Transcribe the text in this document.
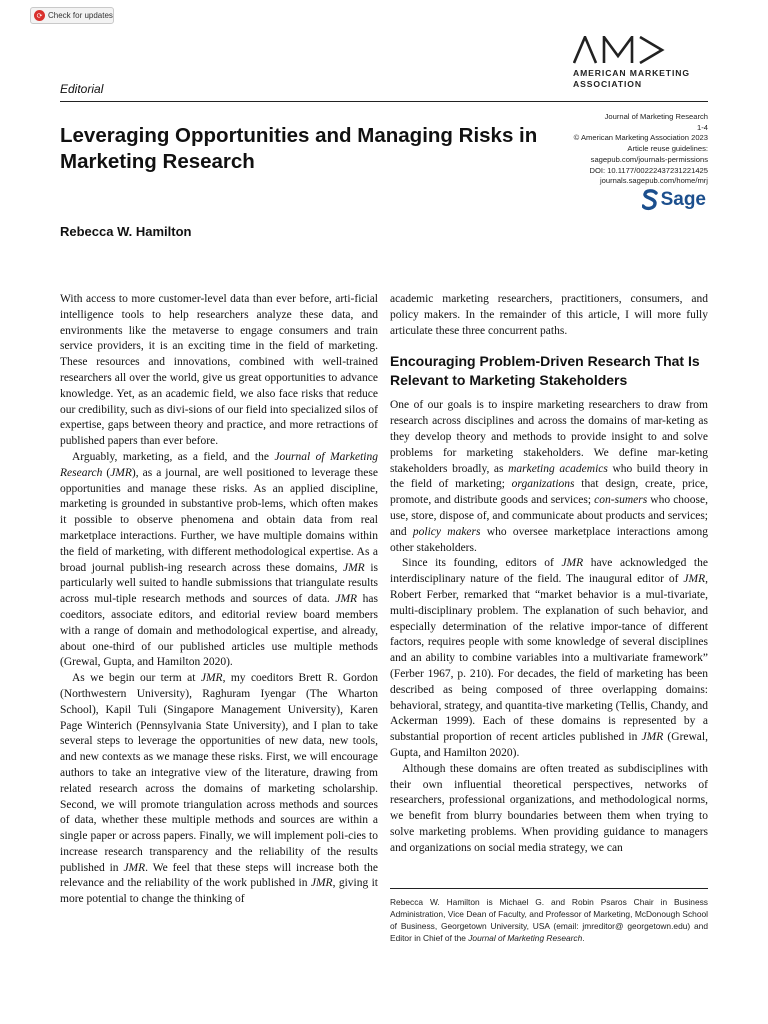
⟳ Check for updates
Editorial
AMERICAN MARKETING
ASSOCIATION
Leveraging Opportunities and Managing Risks in Marketing Research
Rebecca W. Hamilton
Journal of Marketing Research
1-4
© American Marketing Association 2023
Article reuse guidelines:
sagepub.com/journals-permissions
DOI: 10.1177/00222437231221425
journals.sagepub.com/home/mrj
Sage

With access to more customer-level data than ever before, arti-ficial intelligence tools to help researchers analyze these data, and environments like the metaverse to engage consumers and train service providers, it is an exciting time in the field of marketing. These resources and innovations, combined with well-trained researchers all over the world, give us great opportunities to advance knowledge. Yet, as an academic field, we also face risks that reduce our credibility, such as divi-sions of our field into specialized silos of expertise, gaps between theory and practice, and more retractions of published papers than ever before.

Arguably, marketing, as a field, and the Journal of Marketing Research (JMR), as a journal, are well positioned to leverage these opportunities and manage these risks. As an applied discipline, marketing is grounded in substantive prob-lems, which often makes it possible to observe phenomena and obtain data from real marketplace interactions. Further, we have multiple domains within the field of marketing, with different methodological expertise. As a broad journal publish-ing research across these domains, JMR is particularly well suited to handle submissions that triangulate results across mul-tiple research methods and sources of data. JMR has coeditors, associate editors, and editorial review board members with a range of domain and methodological expertise, and already, about one-third of our published articles use multiple methods (Grewal, Gupta, and Hamilton 2020).

As we begin our term at JMR, my coeditors Brett R. Gordon (Northwestern University), Raghuram Iyengar (The Wharton School), Kapil Tuli (Singapore Management University), Karen Page Winterich (Pennsylvania State University), and I plan to take several steps to leverage the opportunities of new data, new tools, and new contexts as we manage these risks. First, we will encourage authors to take an integrative view of the literature, drawing from related research across the domains of marketing scholarship. Second, we will promote triangulation across methods and sources of data, whether these multiple methods and sources are within a single paper or across papers. Finally, we will implement poli-cies to increase research transparency and the reliability of the results published in JMR. We feel that these steps will increase both the relevance and the reliability of the work published in JMR, giving it more potential to change the thinking of

academic marketing researchers, practitioners, consumers, and policy makers. In the remainder of this article, I will more fully articulate these three concurrent paths.

Encouraging Problem-Driven Research That Is Relevant to Marketing Stakeholders

One of our goals is to inspire marketing researchers to draw from research across disciplines and across the domains of mar-keting as they develop theory and methods to provide insight to and solve problems for marketing stakeholders. We define mar-keting stakeholders broadly, as marketing academics who build theory in the field of marketing; organizations that design, create, price, promote, and distribute goods and services; con-sumers who choose, use, store, dispose of, and communicate about products and services; and policy makers who oversee marketplace interactions among other stakeholders.

Since its founding, editors of JMR have acknowledged the interdisciplinary nature of the field. The inaugural editor of JMR, Robert Ferber, remarked that “market behavior is a mul-tivariate, multi-disciplinary problem. The explanation of such behavior, and especially determination of the relative impor-tance of different factors, requires people with some knowledge of several disciplines and an ability to combine variables into a multivariate framework” (Ferber 1967, p. 210). For decades, the field of marketing has been described as being composed of three overlapping domains: behavioral, strategy, and quantita-tive marketing (Tellis, Chandy, and Ackerman 1999). Each of these domains is represented by a substantial proportion of recent articles published in JMR (Grewal, Gupta, and Hamilton 2020).

Although these domains are often treated as subdisciplines with their own influential theoretical perspectives, networks of researchers, professional organizations, and methodological norms, we benefit from blurry boundaries between them when trying to solve marketing problems. When providing guidance to managers and organizations on social media strategy, we can

Rebecca W. Hamilton is Michael G. and Robin Psaros Chair in Business Administration, Vice Dean of Faculty, and Professor of Marketing, McDonough School of Business, Georgetown University, USA (email: jmreditor@ georgetown.edu) and Editor in Chief of the Journal of Marketing Research.
